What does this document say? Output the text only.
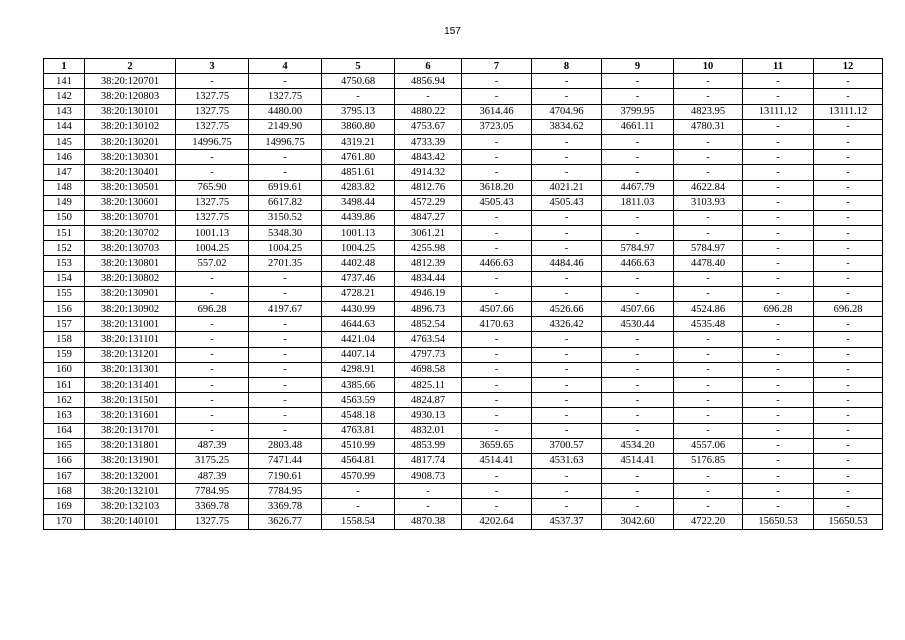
157
1	2	3	4	5	6	7	8	9	10	11	12
141	38:20:120701	-	-	4750.68	4856.94	-	-	-	-	-	-
142	38:20:120803	1327.75	1327.75	-	-	-	-	-	-	-	-
143	38:20:130101	1327.75	4480.00	3795.13	4880.22	3614.46	4704.96	3799.95	4823.95	13111.12	13111.12
144	38:20:130102	1327.75	2149.90	3860.80	4753.67	3723.05	3834.62	4661.11	4780.31	-	-
145	38:20:130201	14996.75	14996.75	4319.21	4733.39	-	-	-	-	-	-
146	38:20:130301	-	-	4761.80	4843.42	-	-	-	-	-	-
147	38:20:130401	-	-	4851.61	4914.32	-	-	-	-	-	-
148	38:20:130501	765.90	6919.61	4283.82	4812.76	3618.20	4021.21	4467.79	4622.84	-	-
149	38:20:130601	1327.75	6617.82	3498.44	4572.29	4505.43	4505.43	1811.03	3103.93	-	-
150	38:20:130701	1327.75	3150.52	4439.86	4847.27	-	-	-	-	-	-
151	38:20:130702	1001.13	5348.30	1001.13	3061.21	-	-	-	-	-	-
152	38:20:130703	1004.25	1004.25	1004.25	4255.98	-	-	5784.97	5784.97	-	-
153	38:20:130801	557.02	2701.35	4402.48	4812.39	4466.63	4484.46	4466.63	4478.40	-	-
154	38:20:130802	-	-	4737.46	4834.44	-	-	-	-	-	-
155	38:20:130901	-	-	4728.21	4946.19	-	-	-	-	-	-
156	38:20:130902	696.28	4197.67	4430.99	4896.73	4507.66	4526.66	4507.66	4524.86	696.28	696.28
157	38:20:131001	-	-	4644.63	4852.54	4170.63	4326.42	4530.44	4535.48	-	-
158	38:20:131101	-	-	4421.04	4763.54	-	-	-	-	-	-
159	38:20:131201	-	-	4407.14	4797.73	-	-	-	-	-	-
160	38:20:131301	-	-	4298.91	4698.58	-	-	-	-	-	-
161	38:20:131401	-	-	4385.66	4825.11	-	-	-	-	-	-
162	38:20:131501	-	-	4563.59	4824.87	-	-	-	-	-	-
163	38:20:131601	-	-	4548.18	4930.13	-	-	-	-	-	-
164	38:20:131701	-	-	4763.81	4832.01	-	-	-	-	-	-
165	38:20:131801	487.39	2803.48	4510.99	4853.99	3659.65	3700.57	4534.20	4557.06	-	-
166	38:20:131901	3175.25	7471.44	4564.81	4817.74	4514.41	4531.63	4514.41	5176.85	-	-
167	38:20:132001	487.39	7190.61	4570.99	4908.73	-	-	-	-	-	-
168	38:20:132101	7784.95	7784.95	-	-	-	-	-	-	-	-
169	38:20:132103	3369.78	3369.78	-	-	-	-	-	-	-	-
170	38:20:140101	1327.75	3626.77	1558.54	4870.38	4202.64	4537.37	3042.60	4722.20	15650.53	15650.53
